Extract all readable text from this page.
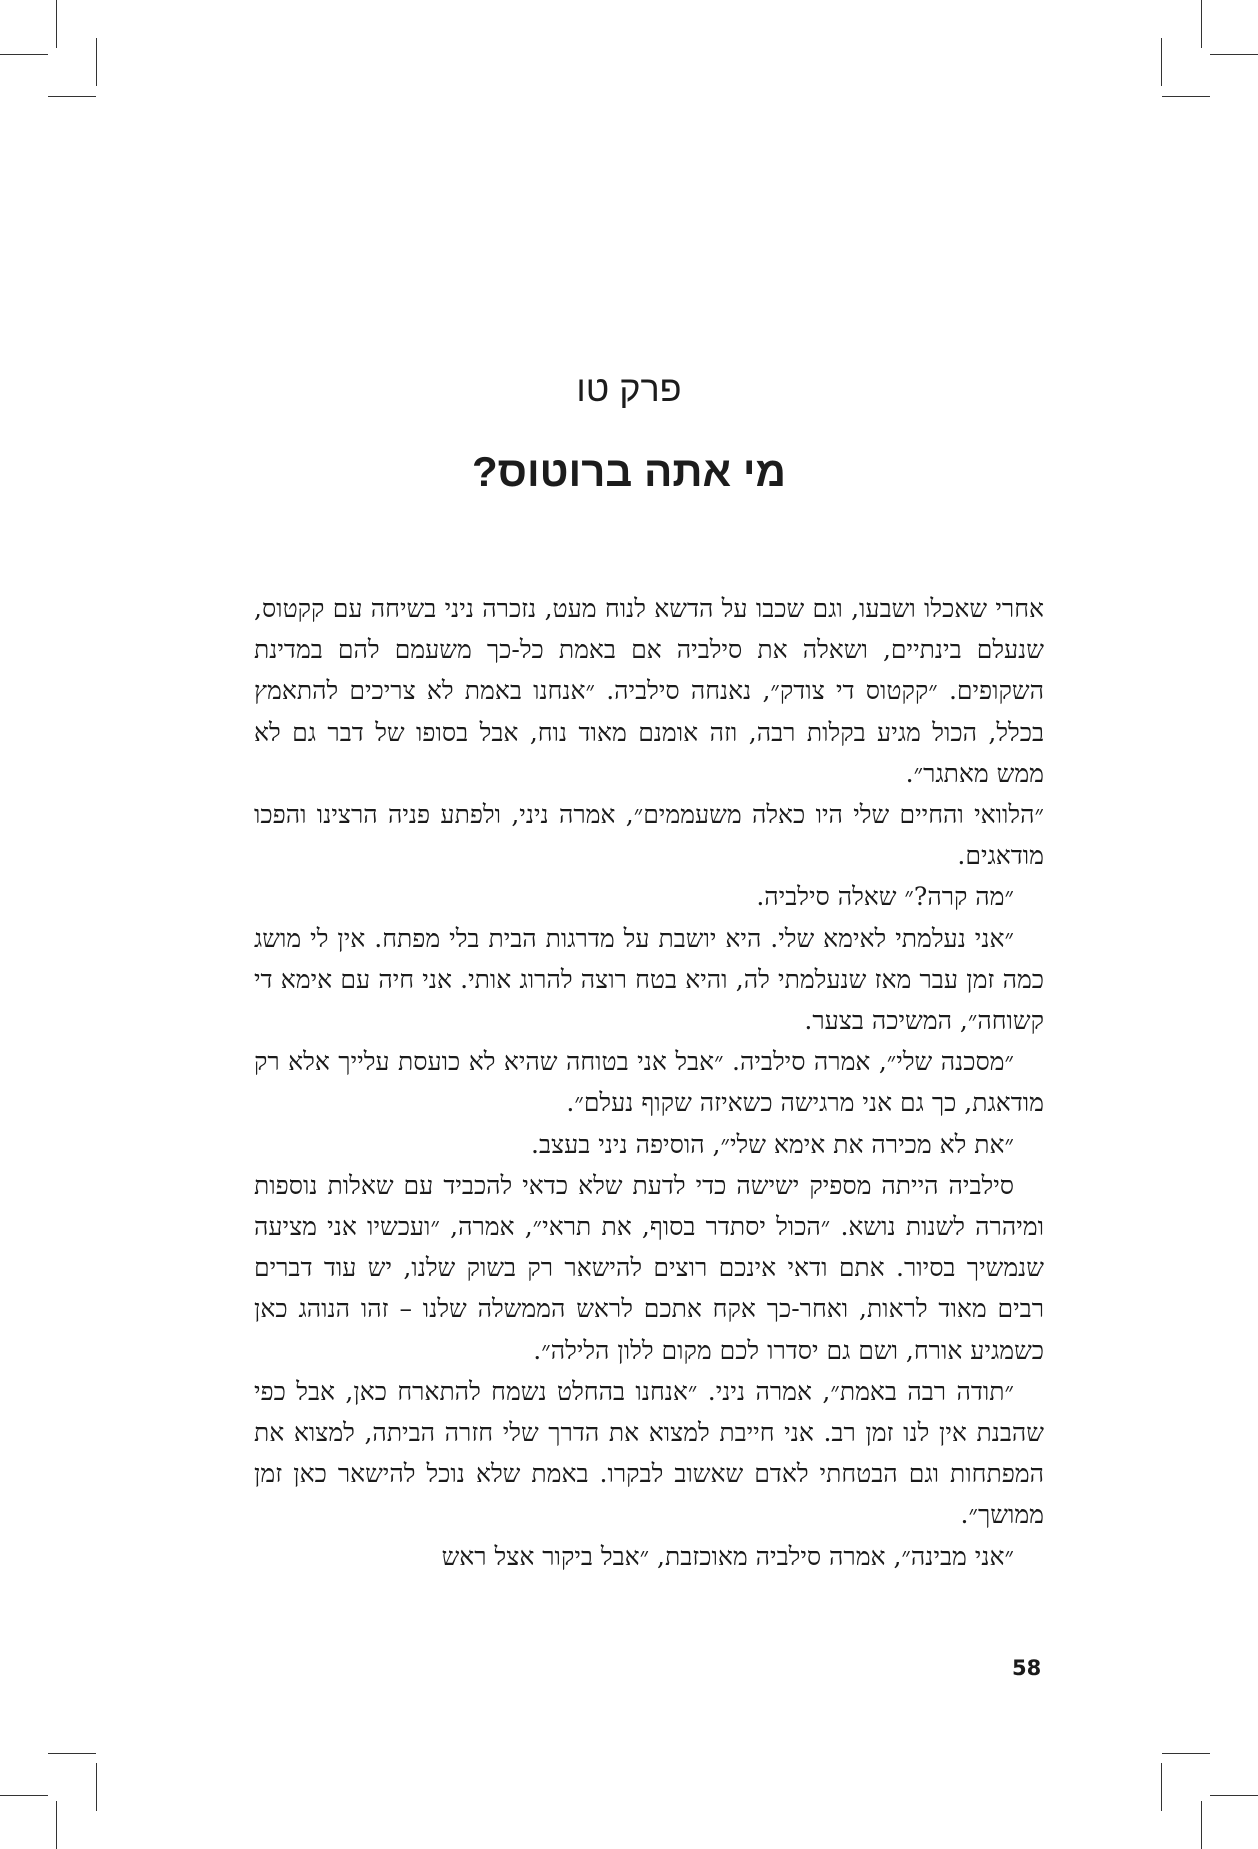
פרק טו
מי אתה ברוטוס?

אחרי שאכלו ושבעו, וגם שכבו על הדשא לנוח מעט, נזכרה ניני בשיחה עם קקטוס, שנעלם בינתיים, ושאלה את סילביה אם באמת כל-כך משעמם להם במדינת השקופים. ״קקטוס די צודק״, נאנחה סילביה. ״אנחנו באמת לא צריכים להתאמץ בכלל, הכול מגיע בקלות רבה, וזה אומנם מאוד נוח, אבל בסופו של דבר גם לא ממש מאתגר״.

״הלוואי והחיים שלי היו כאלה משעממים״, אמרה ניני, ולפתע פניה הרצינו והפכו מודאגים.

״מה קרה?״ שאלה סילביה.

״אני נעלמתי לאימא שלי. היא יושבת על מדרגות הבית בלי מפתח. אין לי מושג כמה זמן עבר מאז שנעלמתי לה, והיא בטח רוצה להרוג אותי. אני חיה עם אימא די קשוחה״, המשיכה בצער.

״מסכנה שלי״, אמרה סילביה. ״אבל אני בטוחה שהיא לא כועסת עלייך אלא רק מודאגת, כך גם אני מרגישה כשאיזה שקוף נעלם״.

״את לא מכירה את אימא שלי״, הוסיפה ניני בעצב.

סילביה הייתה מספיק ישישה כדי לדעת שלא כדאי להכביד עם שאלות נוספות ומיהרה לשנות נושא. ״הכול יסתדר בסוף, את תראי״, אמרה, ״ועכשיו אני מציעה שנמשיך בסיור. אתם ודאי אינכם רוצים להישאר רק בשוק שלנו, יש עוד דברים רבים מאוד לראות, ואחר-כך אקח אתכם לראש הממשלה שלנו – זהו הנוהג כאן כשמגיע אורח, ושם גם יסדרו לכם מקום ללון הלילה״.

״תודה רבה באמת״, אמרה ניני. ״אנחנו בהחלט נשמח להתארח כאן, אבל כפי שהבנת אין לנו זמן רב. אני חייבת למצוא את הדרך שלי חזרה הביתה, למצוא את המפתחות וגם הבטחתי לאדם שאשוב לבקרו. באמת שלא נוכל להישאר כאן זמן ממושך״.

״אני מבינה״, אמרה סילביה מאוכזבת, ״אבל ביקור אצל ראש

58
